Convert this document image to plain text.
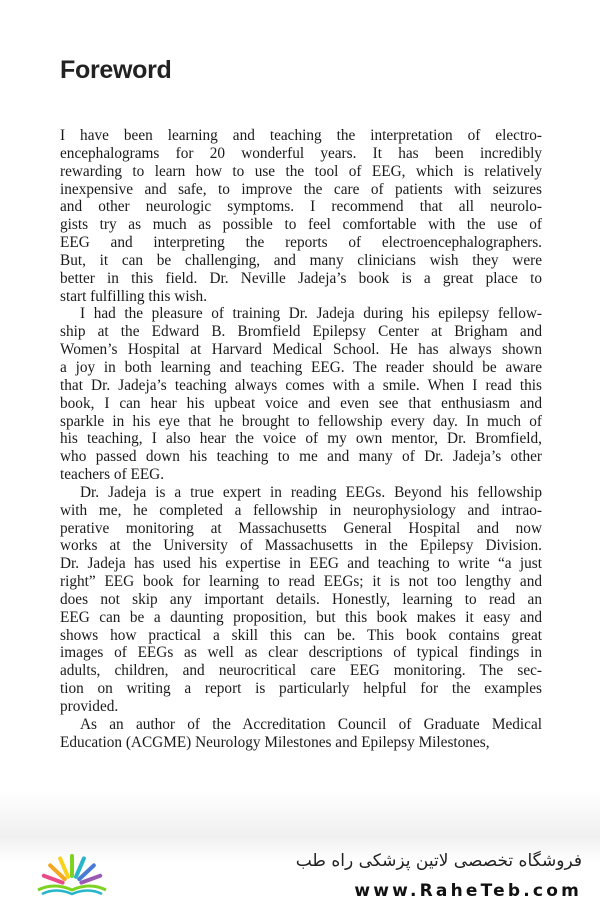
Foreword
I have been learning and teaching the interpretation of electro-
encephalograms for 20 wonderful years. It has been incredibly
rewarding to learn how to use the tool of EEG, which is relatively
inexpensive and safe, to improve the care of patients with seizures
and other neurologic symptoms. I recommend that all neurolo-
gists try as much as possible to feel comfortable with the use of
EEG and interpreting the reports of electroencephalographers.
But, it can be challenging, and many clinicians wish they were
better in this field. Dr. Neville Jadeja’s book is a great place to
start fulfilling this wish.
I had the pleasure of training Dr. Jadeja during his epilepsy fellow-
ship at the Edward B. Bromfield Epilepsy Center at Brigham and
Women’s Hospital at Harvard Medical School. He has always shown
a joy in both learning and teaching EEG. The reader should be aware
that Dr. Jadeja’s teaching always comes with a smile. When I read this
book, I can hear his upbeat voice and even see that enthusiasm and
sparkle in his eye that he brought to fellowship every day. In much of
his teaching, I also hear the voice of my own mentor, Dr. Bromfield,
who passed down his teaching to me and many of Dr. Jadeja’s other
teachers of EEG.
Dr. Jadeja is a true expert in reading EEGs. Beyond his fellowship
with me, he completed a fellowship in neurophysiology and intrao-
perative monitoring at Massachusetts General Hospital and now
works at the University of Massachusetts in the Epilepsy Division.
Dr. Jadeja has used his expertise in EEG and teaching to write “a just
right” EEG book for learning to read EEGs; it is not too lengthy and
does not skip any important details. Honestly, learning to read an
EEG can be a daunting proposition, but this book makes it easy and
shows how practical a skill this can be. This book contains great
images of EEGs as well as clear descriptions of typical findings in
adults, children, and neurocritical care EEG monitoring. The sec-
tion on writing a report is particularly helpful for the examples
provided.
As an author of the Accreditation Council of Graduate Medical
Education (ACGME) Neurology Milestones and Epilepsy Milestones,
فروشگاه تخصصی لاتین پزشکی راه طب
www.RaheTeb.com
